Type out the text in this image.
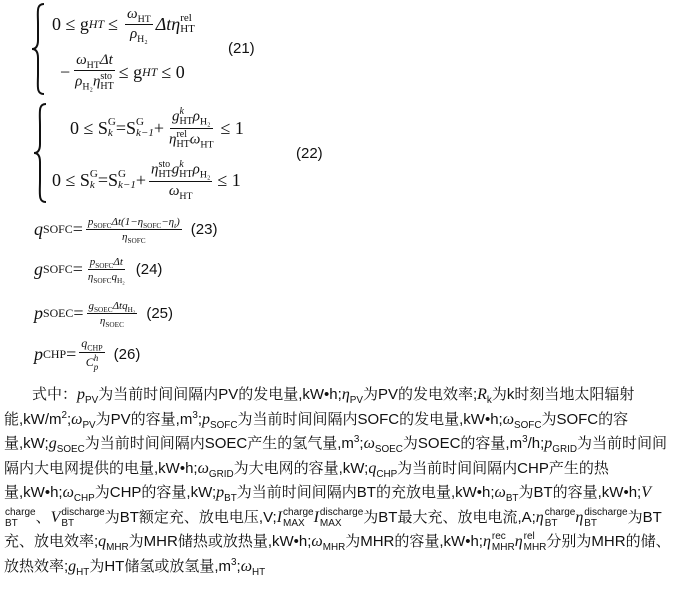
0 ≤ g HT ≤ $\frac{\omega_{HT}}{\rho_{H_2}}$ Δtη rel
HT
− $\omega_{HT}\Delta t$
$\rho_{H_2}\eta$ sto
HT ≤ g HT ≤ 0
(21)
0 ≤ S G
k =S G
k−1 + g k
HT $\rho_{H_2}$
η rel
HT $\omega_{HT} \le 1$
0 ≤ S G
k =S G
k−1 + η sto
HT g k
HT $\rho_{H_2}$
$\omega_{HT} \le 1$
(22)
q SOFC = $\frac{p_{SOFC}\Delta t(1-\eta_{SOFC}-\eta_t)}{\eta_{SOFC}} (23)$
g SOFC = $\frac{p_{SOFC}\Delta t}{\eta_{SOFC}q_{H_2}} (24)$
p SOEC = $\frac{g_{SOEC}\Delta tq_{H_2}}{\eta_{SOEC}} (25)$
p CHP = $q_{CHP}$
C h
p (26)
式中：$p_{PV}$为当前时间间隔内PV的发电量$,kW•h;\eta_{PV}$为PV的发电效率$;R_k$为k时刻当地太阳辐射能$,kW/m^2;\omega_{PV}$为PV的容量$,m^3;p_{SOFC}$为当前时间间隔内SOFC的发电量$,kW•h;\omega_{SOFC}$为SOFC的容量$,kW;g_{SOEC}$为当前时间间隔内SOEC产生的氢气量$,m^3;\omega_{SOEC}$为SOEC的容量$,m^3/h;p_{GRID}$为当前时间间隔内大电网提供的电量$,kW•h;\omega_{GRID}$为大电网的容量$,kW;q_{CHP}$为当前时间间隔内CHP产生的热量$,kW•h;\omega_{CHP}$为CHP的容量$,kW;p_{BT}$为当前时间间隔内BT的充放电量$,kW•h;\omega_{BT}$为BT的容量,kW•h;V
charge
BT	、V discharge
BT	为BT额定充、放电电压,V;I charge
MAX I discharge
MAX	为BT最大充、放电电流,A;η charge
BT	η discharge
BT	为BT充、放电效率$;q_{MHR}$为MHR储热或放热量$,kW•h;\omega_{MHR}$为MHR的容量,kW•h;η rec
MHR η rel
MHR 分别为MHR的储、放热效率$;g_{HT}$为HT储氢或放氢量$,m^3;\omega_{HT}$
